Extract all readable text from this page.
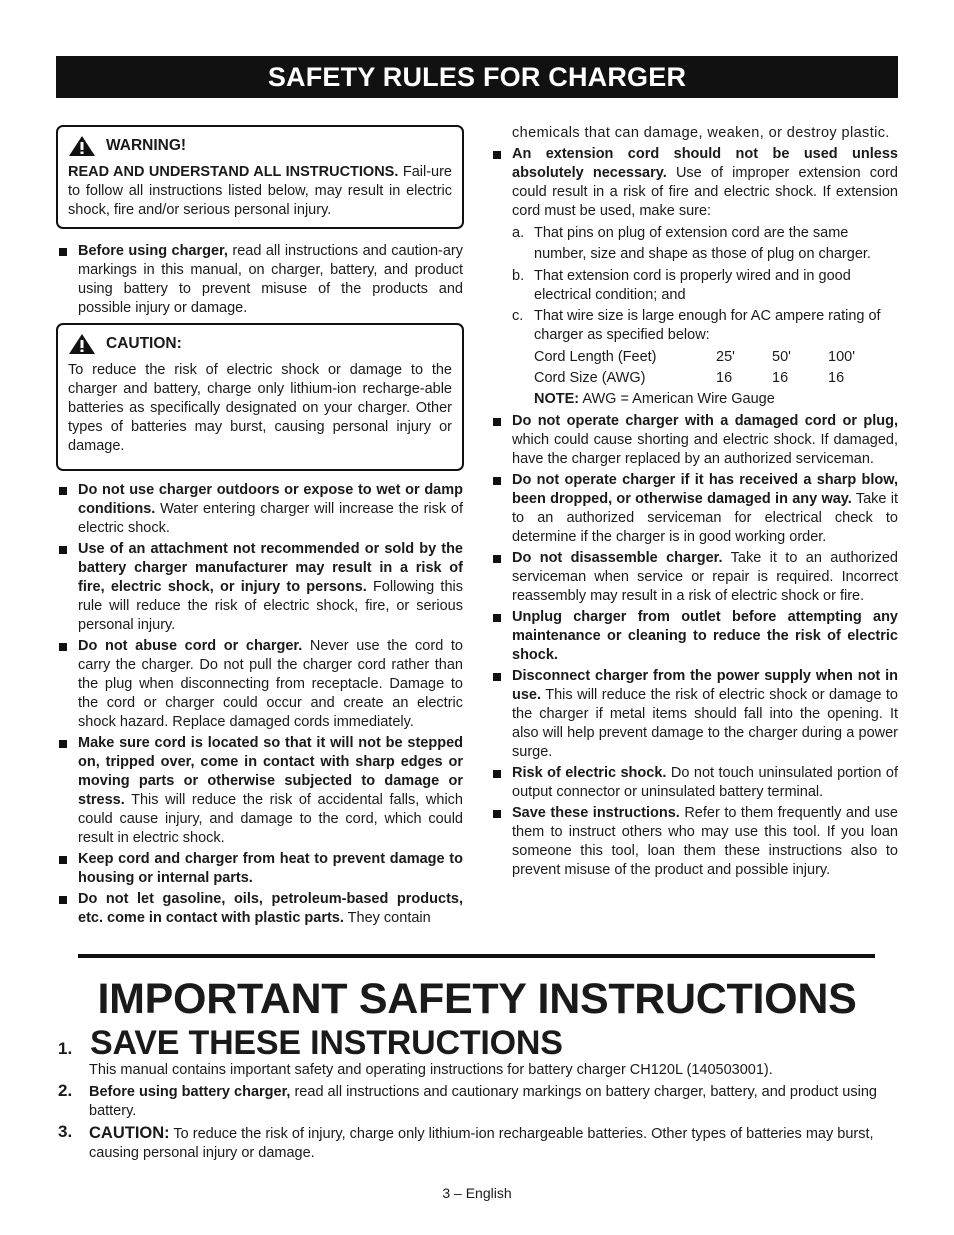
SAFETY RULES FOR CHARGER
WARNING!

READ AND UNDERSTAND ALL INSTRUCTIONS. Fail-ure to follow all instructions listed below, may result in electric shock, fire and/or serious personal injury.

Before using charger, read all instructions and caution-ary markings in this manual, on charger, battery, and product using battery to prevent misuse of the products and possible injury or damage.
CAUTION:

To reduce the risk of electric shock or damage to the charger and battery, charge only lithium-ion recharge-able batteries as specifically designated on your charger. Other types of batteries may burst, causing personal injury or damage.

Do not use charger outdoors or expose to wet or damp conditions. Water entering charger will increase the risk of electric shock.
Use of an attachment not recommended or sold by the battery charger manufacturer may result in a risk of fire, electric shock, or injury to persons. Following this rule will reduce the risk of electric shock, fire, or serious personal injury.
Do not abuse cord or charger. Never use the cord to carry the charger. Do not pull the charger cord rather than the plug when disconnecting from receptacle. Damage to the cord or charger could occur and create an electric shock hazard. Replace damaged cords immediately.
Make sure cord is located so that it will not be stepped on, tripped over, come in contact with sharp edges or moving parts or otherwise subjected to damage or stress. This will reduce the risk of accidental falls, which could cause injury, and damage to the cord, which could result in electric shock.
Keep cord and charger from heat to prevent damage to housing or internal parts.
Do not let gasoline, oils, petroleum-based products, etc. come in contact with plastic parts. They contain
chemicals that can damage, weaken, or destroy plastic.
An extension cord should not be used unless absolutely necessary. Use of improper extension cord could result in a risk of fire and electric shock. If extension cord must be used, make sure:
a. That pins on plug of extension cord are the same number, size and shape as those of plug on charger.
b. That extension cord is properly wired and in good electrical condition; and
c. That wire size is large enough for AC ampere rating of charger as specified below:
Cord Length (Feet)	25'	50'	100'
Cord Size (AWG)	16	16	16
NOTE: AWG = American Wire Gauge
Do not operate charger with a damaged cord or plug, which could cause shorting and electric shock. If damaged, have the charger replaced by an authorized serviceman.
Do not operate charger if it has received a sharp blow, been dropped, or otherwise damaged in any way. Take it to an authorized serviceman for electrical check to determine if the charger is in good working order.
Do not disassemble charger. Take it to an authorized serviceman when service or repair is required. Incorrect reassembly may result in a risk of electric shock or fire.
Unplug charger from outlet before attempting any maintenance or cleaning to reduce the risk of electric shock.
Disconnect charger from the power supply when not in use. This will reduce the risk of electric shock or damage to the charger if metal items should fall into the opening. It also will help prevent damage to the charger during a power surge.
Risk of electric shock. Do not touch uninsulated portion of output connector or uninsulated battery terminal.
Save these instructions. Refer to them frequently and use them to instruct others who may use this tool. If you loan someone this tool, loan them these instructions also to prevent misuse of the product and possible injury.
IMPORTANT SAFETY INSTRUCTIONS
1. SAVE THESE INSTRUCTIONS
This manual contains important safety and operating instructions for battery charger CH120L (140503001).
2. Before using battery charger, read all instructions and cautionary markings on battery charger, battery, and product using battery.
3. CAUTION: To reduce the risk of injury, charge only lithium-ion rechargeable batteries. Other types of batteries may burst, causing personal injury or damage.
3 – English
